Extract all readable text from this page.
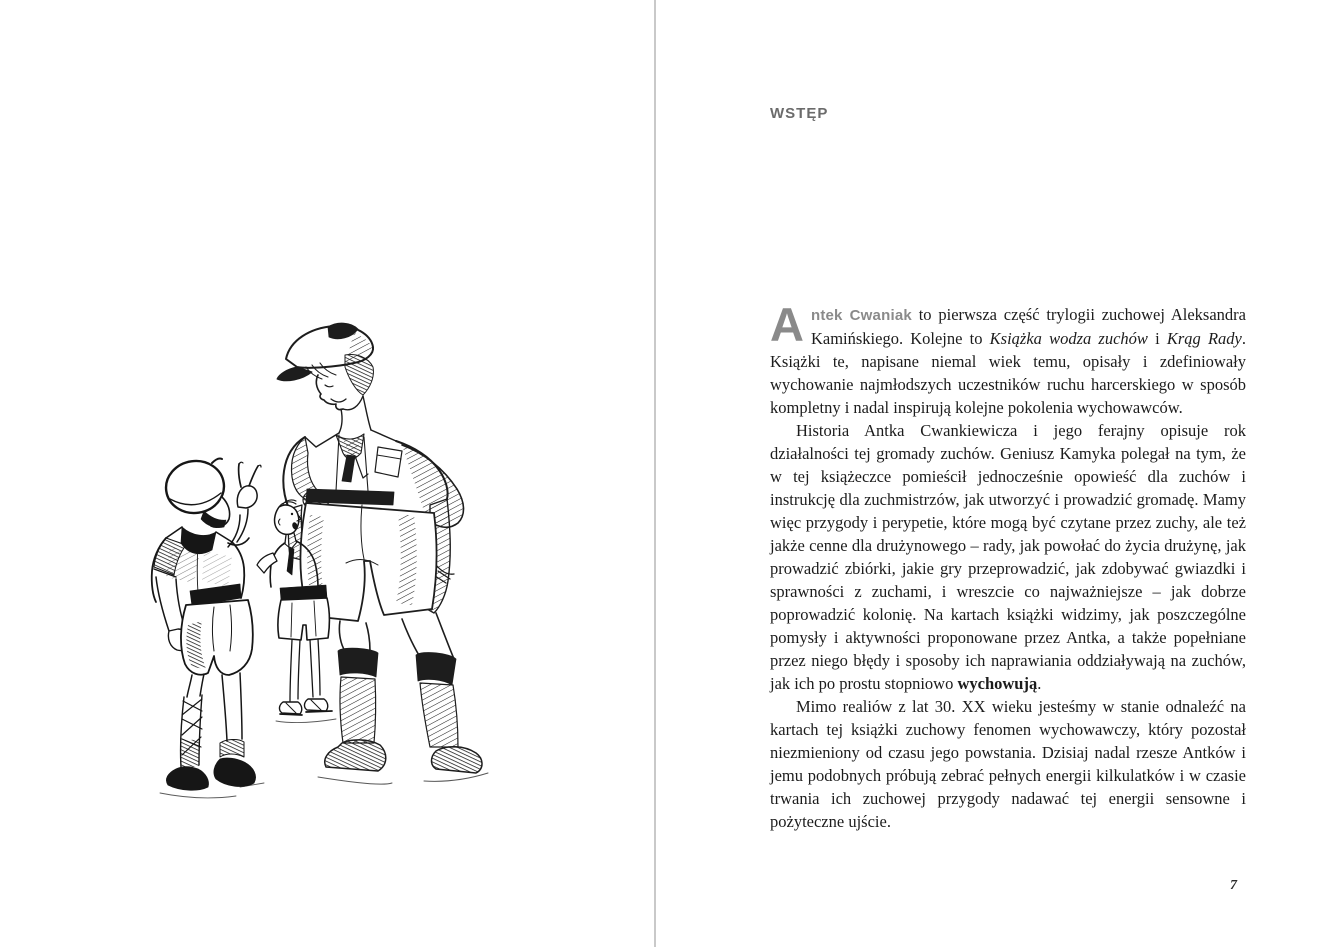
WSTĘP

Antek Cwaniak to pierwsza część trylogii zuchowej Aleksandra Kamińskiego. Kolejne to Książka wodza zuchów i Krąg Rady. Książki te, napisane niemal wiek temu, opisały i zdefiniowały wychowanie najmłodszych uczestników ruchu harcerskiego w sposób kompletny i nadal inspirują kolejne pokolenia wychowawców.

Historia Antka Cwankiewicza i jego ferajny opisuje rok działalności tej gromady zuchów. Geniusz Kamyka polegał na tym, że w tej książeczce pomieścił jednocześnie opowieść dla zuchów i instrukcję dla zuchmistrzów, jak utworzyć i prowadzić gromadę. Mamy więc przygody i perypetie, które mogą być czytane przez zuchy, ale też jakże cenne dla drużynowego – rady, jak powołać do życia drużynę, jak prowadzić zbiórki, jakie gry przeprowadzić, jak zdobywać gwiazdki i sprawności z zuchami, i wreszcie co najważniejsze – jak dobrze poprowadzić kolonię. Na kartach książki widzimy, jak poszczególne pomysły i aktywności proponowane przez Antka, a także popełniane przez niego błędy i sposoby ich naprawiania oddziaływają na zuchów, jak ich po prostu stopniowo wychowują.

Mimo realiów z lat 30. XX wieku jesteśmy w stanie odnaleźć na kartach tej książki zuchowy fenomen wychowawczy, który pozostał niezmieniony od czasu jego powstania. Dzisiaj nadal rzesze Antków i jemu podobnych próbują zebrać pełnych energii kilkulatków i w czasie trwania ich zuchowej przygody nadawać tej energii sensowne i pożyteczne ujście.

7
